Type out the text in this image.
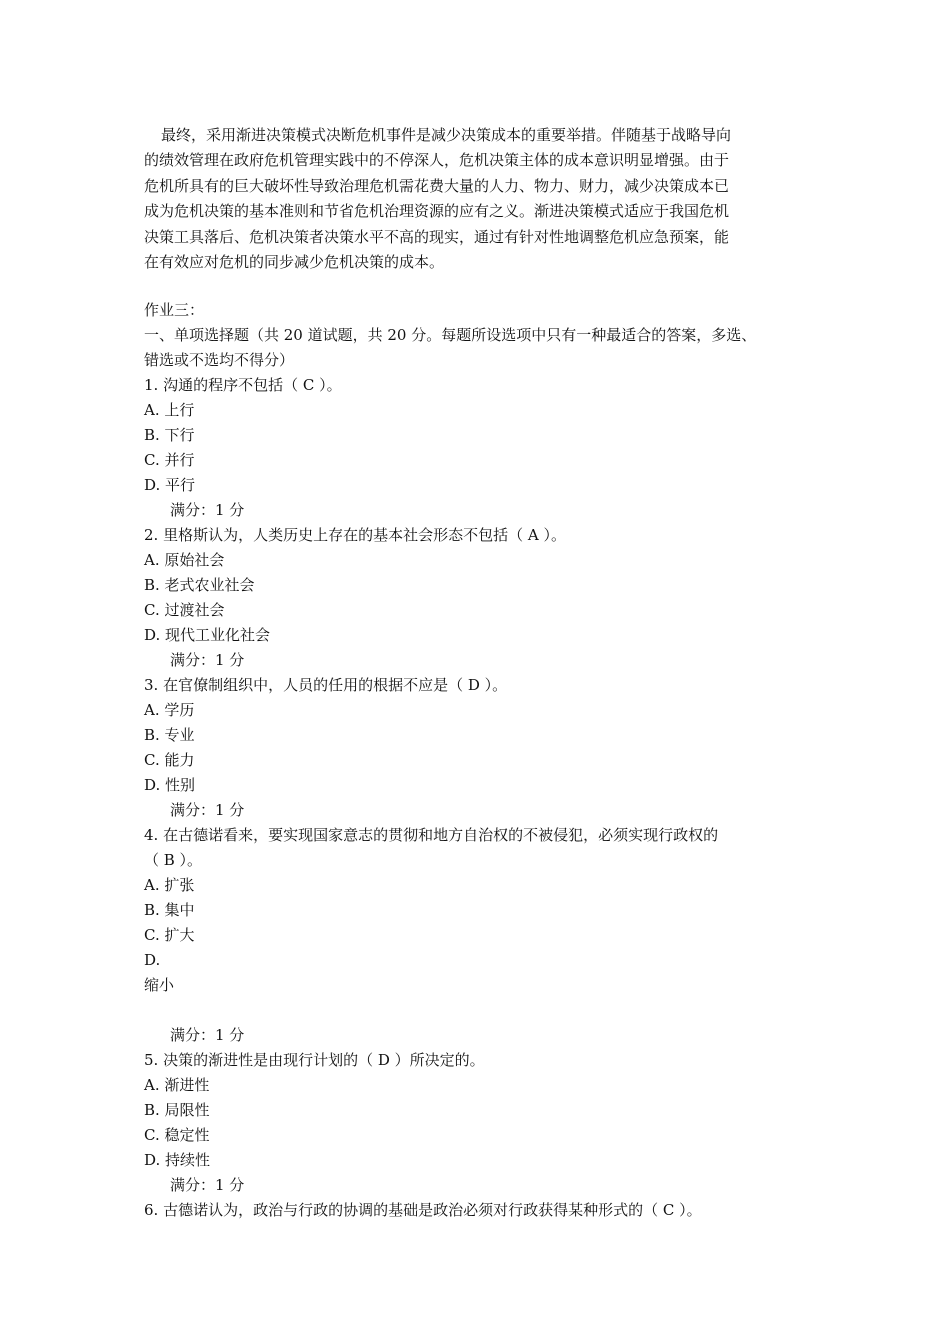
最终，采用渐进决策模式决断危机事件是减少决策成本的重要举措。伴随基于战略导向
的绩效管理在政府危机管理实践中的不停深人，危机决策主体的成本意识明显增强。由于
危机所具有的巨大破坏性导致治理危机需花费大量的人力、物力、财力，减少决策成本已
成为危机决策的基本准则和节省危机治理资源的应有之义。渐进决策模式适应于我国危机
决策工具落后、危机决策者决策水平不高的现实，通过有针对性地调整危机应急预案，能
在有效应对危机的同步减少危机决策的成本。
作业三：
一、单项选择题（共 20 道试题，共 20 分。每题所设选项中只有一种最适合的答案，多选、
错选或不选均不得分）
1. 沟通的程序不包括（ C ）。
A. 上行
B. 下行
C. 并行
D. 平行
满分：1 分
2. 里格斯认为，人类历史上存在的基本社会形态不包括（ A ）。
A. 原始社会
B. 老式农业社会
C. 过渡社会
D. 现代工业化社会
满分：1 分
3. 在官僚制组织中，人员的任用的根据不应是（ D ）。
A. 学历
B. 专业
C. 能力
D. 性别
满分：1 分
4. 在古德诺看来，要实现国家意志的贯彻和地方自治权的不被侵犯，必须实现行政权的
（ B ）。
A. 扩张
B. 集中
C. 扩大
D.
缩小
满分：1 分
5. 决策的渐进性是由现行计划的（ D ）所决定的。
A. 渐进性
B. 局限性
C. 稳定性
D. 持续性
满分：1 分
6. 古德诺认为，政治与行政的协调的基础是政治必须对行政获得某种形式的（ C ）。
